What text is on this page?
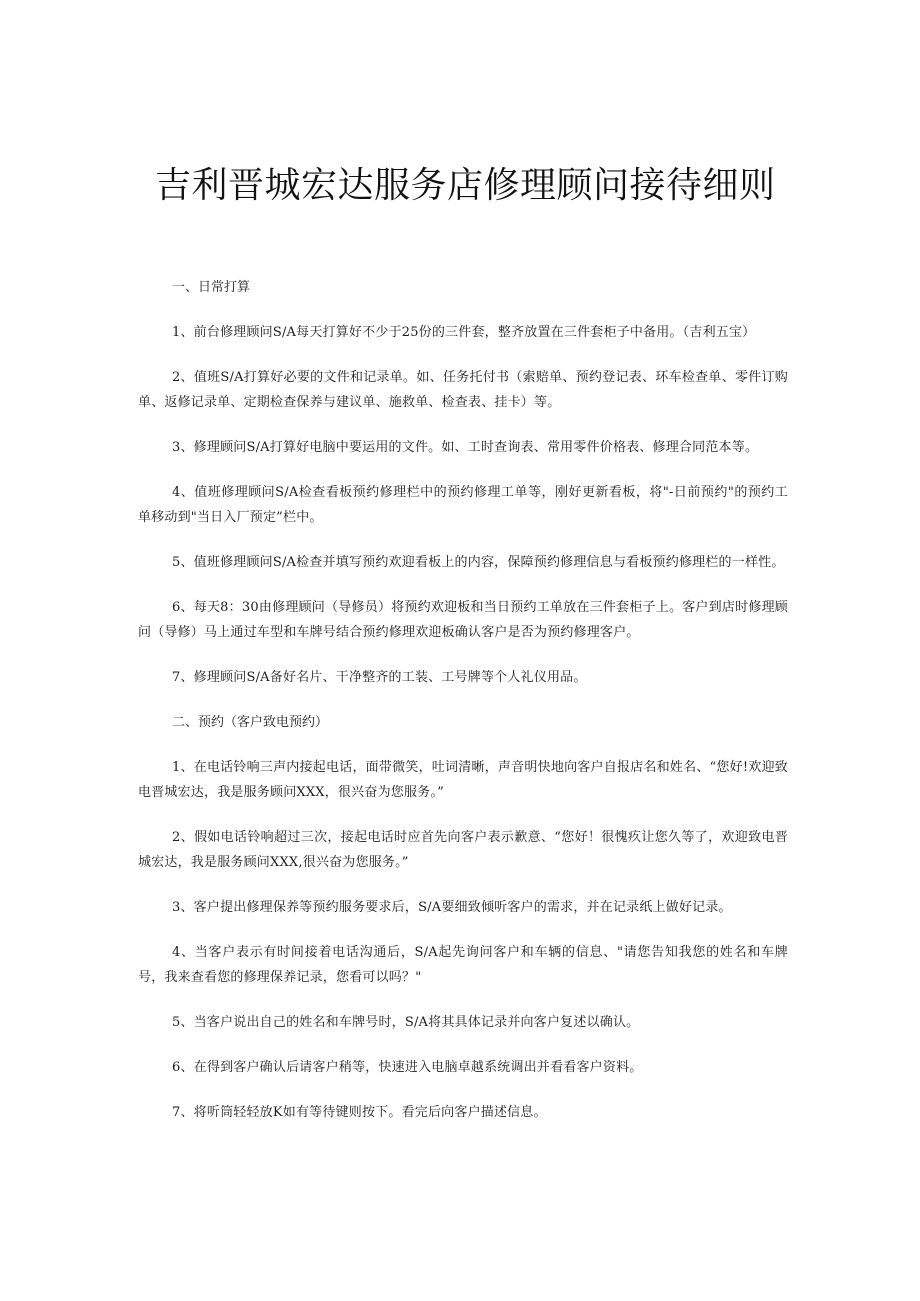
吉利晋城宏达服务店修理顾问接待细则

一、日常打算

1、前台修理顾问S/A每天打算好不少于25份的三件套，整齐放置在三件套柜子中备用。（吉利五宝）

2、值班S/A打算好必要的文件和记录单。如、任务托付书（索赔单、预约登记表、环车检查单、零件订购单、返修记录单、定期检查保养与建议单、施救单、检查表、挂卡）等。

3、修理顾问S/A打算好电脑中要运用的文件。如、工时查询表、常用零件价格表、修理合同范本等。

4、值班修理顾问S/A检查看板预约修理栏中的预约修理工单等，刚好更新看板，将"-日前预约"的预约工单移动到"当日入厂预定”栏中。

5、值班修理顾问S/A检查并填写预约欢迎看板上的内容，保障预约修理信息与看板预约修理栏的一样性。

6、每天8：30由修理顾问（导修员）将预约欢迎板和当日预约工单放在三件套柜子上。客户到店时修理顾问（导修）马上通过车型和车牌号结合预约修理欢迎板确认客户是否为预约修理客户。

7、修理顾问S/A备好名片、干净整齐的工装、工号牌等个人礼仪用品。

二、预约（客户致电预约）

1、在电话铃响三声内接起电话，面带微笑，吐词清晰，声音明快地向客户自报店名和姓名、“您好!欢迎致电晋城宏达，我是服务顾问XXX，很兴奋为您服务。”

2、假如电话铃响超过三次，接起电话时应首先向客户表示歉意、“您好！很愧疚让您久等了，欢迎致电晋城宏达，我是服务顾问XXX,很兴奋为您服务。”

3、客户提出修理保养等预约服务要求后，S/A要细致倾听客户的需求，并在记录纸上做好记录。

4、当客户表示有时间接着电话沟通后，S/A起先询问客户和车辆的信息、"请您告知我您的姓名和车牌号，我来查看您的修理保养记录，您看可以吗？"

5、当客户说出自己的姓名和车牌号时，S/A将其具体记录并向客户复述以确认。

6、在得到客户确认后请客户稍等，快速进入电脑卓越系统调出并看看客户资料。

7、将听筒轻轻放K如有等待键则按下。看完后向客户描述信息。
